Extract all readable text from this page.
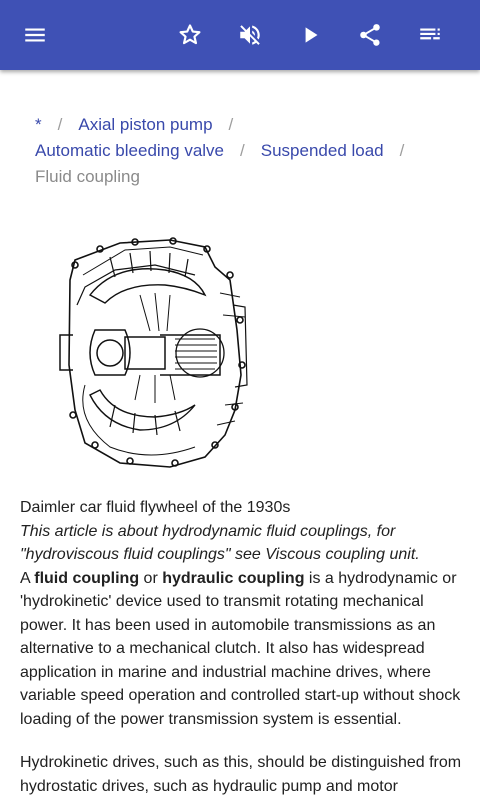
* / Axial piston pump /
Automatic bleeding valve / Suspended load /
Fluid coupling

Daimler car fluid flywheel of the 1930s

This article is about hydrodynamic fluid couplings, for "hydroviscous fluid couplings" see Viscous coupling unit.

A fluid coupling or hydraulic coupling is a hydrodynamic or 'hydrokinetic' device used to transmit rotating mechanical power. It has been used in automobile transmissions as an alternative to a mechanical clutch. It also has widespread application in marine and industrial machine drives, where variable speed operation and controlled start-up without shock loading of the power transmission system is essential.

Hydrokinetic drives, such as this, should be distinguished from hydrostatic drives, such as hydraulic pump and motor
